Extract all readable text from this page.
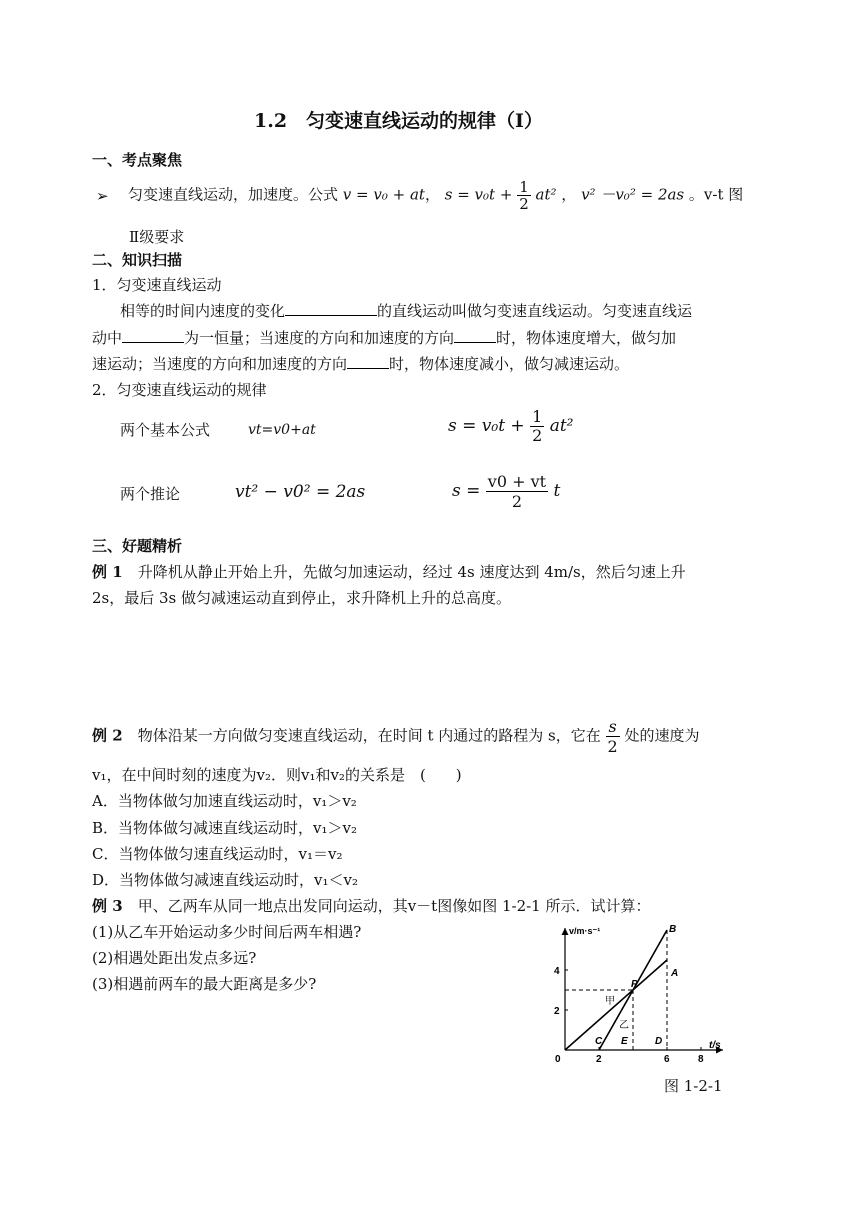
1.2　匀变速直线运动的规律（Ⅰ）
一、考点聚焦
➢ 匀变速直线运动，加速度。公式 v = v₀ + at， $s = v_0t + \frac{1}{2} at^2$ ， v² －v₀² = 2as 。v-t 图
Ⅱ级要求
二、知识扫描
1．匀变速直线运动
相等的时间内速度的变化	的直线运动叫做匀变速直线运动。匀变速直线运
动中	为一恒量；当速度的方向和加速度的方向	时，物体速度增大，做匀加
速运动；当速度的方向和加速度的方向	时，物体速度减小，做匀减速运动。
2．匀变速直线运动的规律
两个基本公式	vt=v0+at	$s = v_0t + \frac{1}{2} at^2$
两个推论	vt² − v0² = 2as	$s = \frac{v0 + vt}{2}$ t
三、好题精析
例 1　 升降机从静止开始上升，先做匀加速运动，经过 4s 速度达到 4m/s，然后匀速上升
2s，最后 3s 做匀减速运动直到停止，求升降机上升的总高度。
例 2　 物体沿某一方向做匀变速直线运动，在时间 t 内通过的路程为 s，它在 $\frac{s}{2}$ 处的速度为
v₁，在中间时刻的速度为v₂．则v₁和v₂的关系是　(　　)
A．当物体做匀加速直线运动时，v₁＞v₂
B．当物体做匀减速直线运动时，v₁＞v₂
C．当物体做匀速直线运动时，v₁＝v₂
D．当物体做匀减速直线运动时，v₁＜v₂
例 3　 甲、乙两车从同一地点出发同向运动，其v－t图像如图 1-2-1 所示．试计算：
(1)从乙车开始运动多少时间后两车相遇?
(2)相遇处距出发点多远?
(3)相遇前两车的最大距离是多少?
v/m·s⁻¹
t/s
0	2	6	8
2
4
B
A
P
甲
乙
C E	D
图 1-2-1
